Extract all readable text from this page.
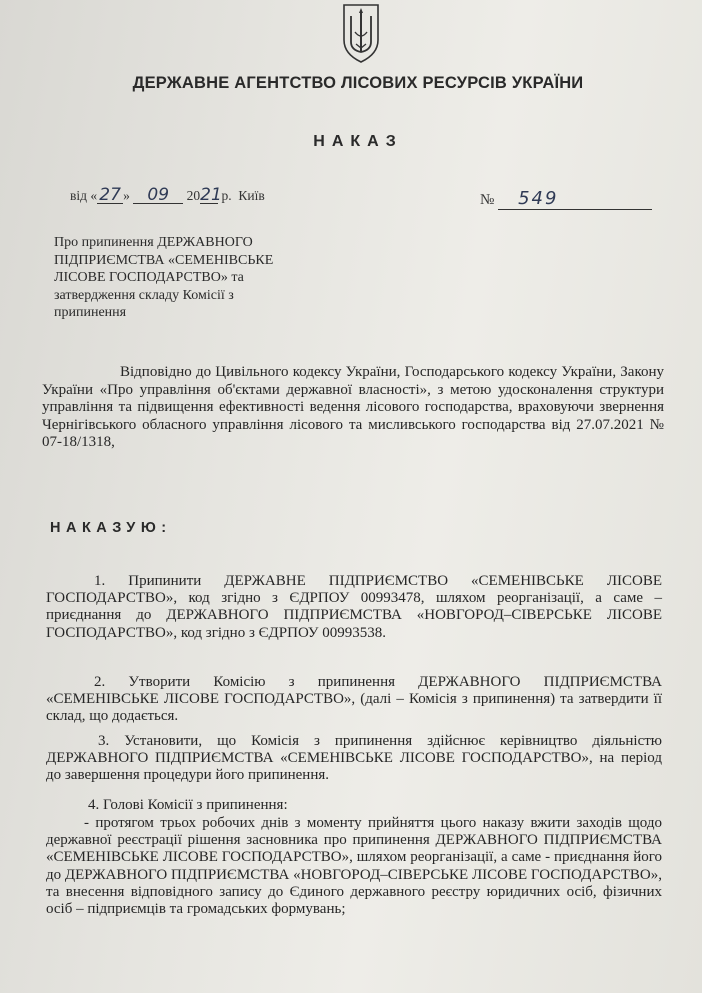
ДЕРЖАВНЕ АГЕНТСТВО ЛІСОВИХ РЕСУРСІВ УКРАЇНИ
НАКАЗ
від « 27 » 09 2021 р. Київ	№ 549
Про припинення ДЕРЖАВНОГО ПІДПРИЄМСТВА «СЕМЕНІВСЬКЕ ЛІСОВЕ ГОСПОДАРСТВО» та затвердження складу Комісії з припинення
Відповідно до Цивільного кодексу України, Господарського кодексу України, Закону України «Про управління об'єктами державної власності», з метою удосконалення структури управління та підвищення ефективності ведення лісового господарства, враховуючи звернення Чернігівського обласного управління лісового та мисливського господарства від 27.07.2021 № 07-18/1318,
НАКАЗУЮ:
1. Припинити ДЕРЖАВНЕ ПІДПРИЄМСТВО «СЕМЕНІВСЬКЕ ЛІСОВЕ ГОСПОДАРСТВО», код згідно з ЄДРПОУ 00993478, шляхом реорганізації, а саме – приєднання до ДЕРЖАВНОГО ПІДПРИЄМСТВА «НОВГОРОД–СІВЕРСЬКЕ ЛІСОВЕ ГОСПОДАРСТВО», код згідно з ЄДРПОУ 00993538.
2. Утворити Комісію з припинення ДЕРЖАВНОГО ПІДПРИЄМСТВА «СЕМЕНІВСЬКЕ ЛІСОВЕ ГОСПОДАРСТВО», (далі – Комісія з припинення) та затвердити її склад, що додається.
3. Установити, що Комісія з припинення здійснює керівництво діяльністю ДЕРЖАВНОГО ПІДПРИЄМСТВА «СЕМЕНІВСЬКЕ ЛІСОВЕ ГОСПОДАРСТВО», на період до завершення процедури його припинення.
4. Голові Комісії з припинення:
- протягом трьох робочих днів з моменту прийняття цього наказу вжити заходів щодо державної реєстрації рішення засновника про припинення ДЕРЖАВНОГО ПІДПРИЄМСТВА «СЕМЕНІВСЬКЕ ЛІСОВЕ ГОСПОДАРСТВО», шляхом реорганізації, а саме - приєднання його до ДЕРЖАВНОГО ПІДПРИЄМСТВА «НОВГОРОД–СІВЕРСЬКЕ ЛІСОВЕ ГОСПОДАРСТВО», та внесення відповідного запису до Єдиного державного реєстру юридичних осіб, фізичних осіб – підприємців та громадських формувань;
